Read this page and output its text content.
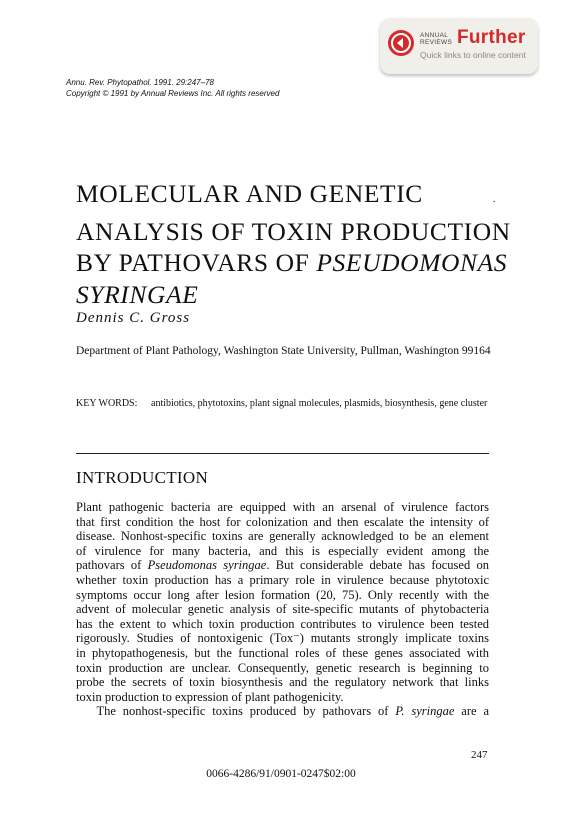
ANNUAL
REVIEWS Further
Quick links to online content
Annu. Rev. Phytopathol. 1991. 29:247–78
Copyright © 1991 by Annual Reviews Inc. All rights reserved
MOLECULAR AND GENETIC	.
ANALYSIS OF TOXIN PRODUCTION
BY PATHOVARS OF PSEUDOMONAS
SYRINGAE
Dennis C. Gross
Department of Plant Pathology, Washington State University, Pullman, Washington 99164
KEY WORDS: antibiotics, phytotoxins, plant signal molecules, plasmids, biosynthesis, gene cluster
INTRODUCTION
Plant pathogenic bacteria are equipped with an arsenal of virulence factors
that first condition the host for colonization and then escalate the intensity of
disease. Nonhost-specific toxins are generally acknowledged to be an element
of virulence for many bacteria, and this is especially evident among the
pathovars of Pseudomonas syringae. But considerable debate has focused on
whether toxin production has a primary role in virulence because phytotoxic
symptoms occur long after lesion formation (20, 75). Only recently with the
advent of molecular genetic analysis of site-specific mutants of phytobacteria
has the extent to which toxin production contributes to virulence been tested
rigorously. Studies of nontoxigenic (Tox⁻) mutants strongly implicate toxins
in phytopathogenesis, but the functional roles of these genes associated with
toxin production are unclear. Consequently, genetic research is beginning to
probe the secrets of toxin biosynthesis and the regulatory network that links
toxin production to expression of plant pathogenicity.
The nonhost-specific toxins produced by pathovars of P. syringae are a
247
0066-4286/91/0901-0247$02:00
